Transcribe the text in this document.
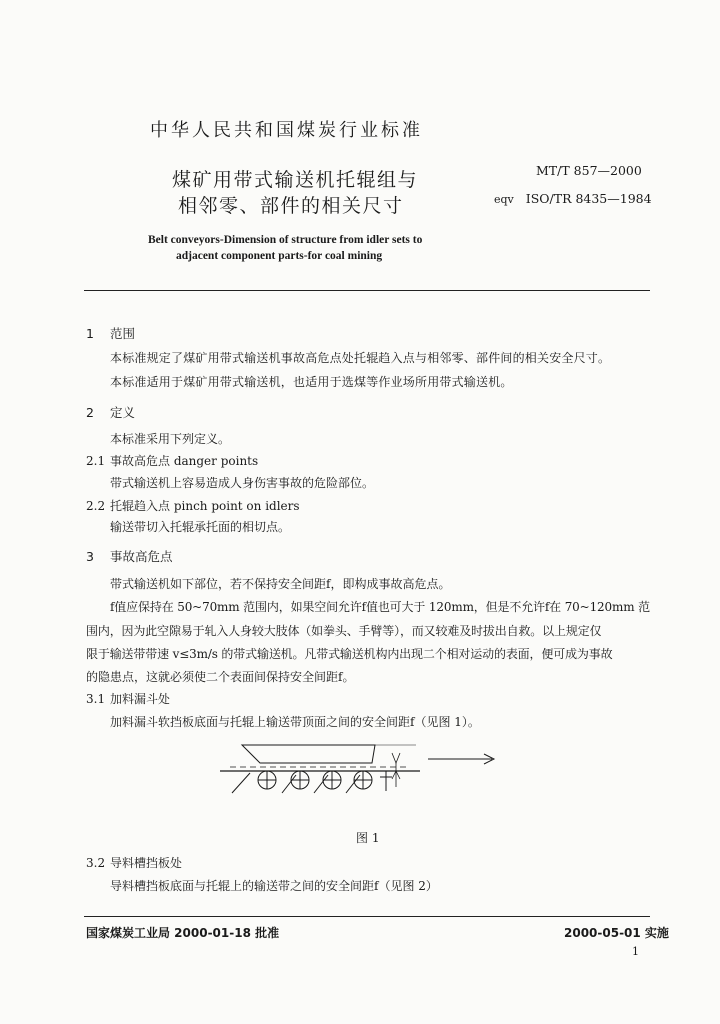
中华人民共和国煤炭行业标准
煤矿用带式输送机托辊组与
相邻零、部件的相关尺寸
MT/T 857—2000
eqv ISO/TR 8435—1984
Belt conveyors-Dimension of structure from idler sets to
adjacent component parts-for coal mining
1 范围
本标准规定了煤矿用带式输送机事故高危点处托辊趋入点与相邻零、部件间的相关安全尺寸。
本标准适用于煤矿用带式输送机，也适用于选煤等作业场所用带式输送机。
2 定义
本标准采用下列定义。
2.1 事故高危点 danger points
带式输送机上容易造成人身伤害事故的危险部位。
2.2 托辊趋入点 pinch point on idlers
输送带切入托辊承托面的相切点。
3 事故高危点
带式输送机如下部位，若不保持安全间距f，即构成事故高危点。
f值应保持在 50~70mm 范围内，如果空间允许f值也可大于 120mm，但是不允许f在 70~120mm 范
围内，因为此空隙易于轧入人身较大肢体（如拳头、手臂等），而又较难及时拔出自救。以上规定仅
限于输送带带速 v≤3m/s 的带式输送机。凡带式输送机构内出现二个相对运动的表面，便可成为事故
的隐患点，这就必须使二个表面间保持安全间距f。
3.1 加料漏斗处
加料漏斗软挡板底面与托辊上输送带顶面之间的安全间距f（见图 1）。
图 1
3.2 导料槽挡板处
导料槽挡板底面与托辊上的输送带之间的安全间距f（见图 2）
国家煤炭工业局 2000-01-18 批准	2000-05-01 实施
1
